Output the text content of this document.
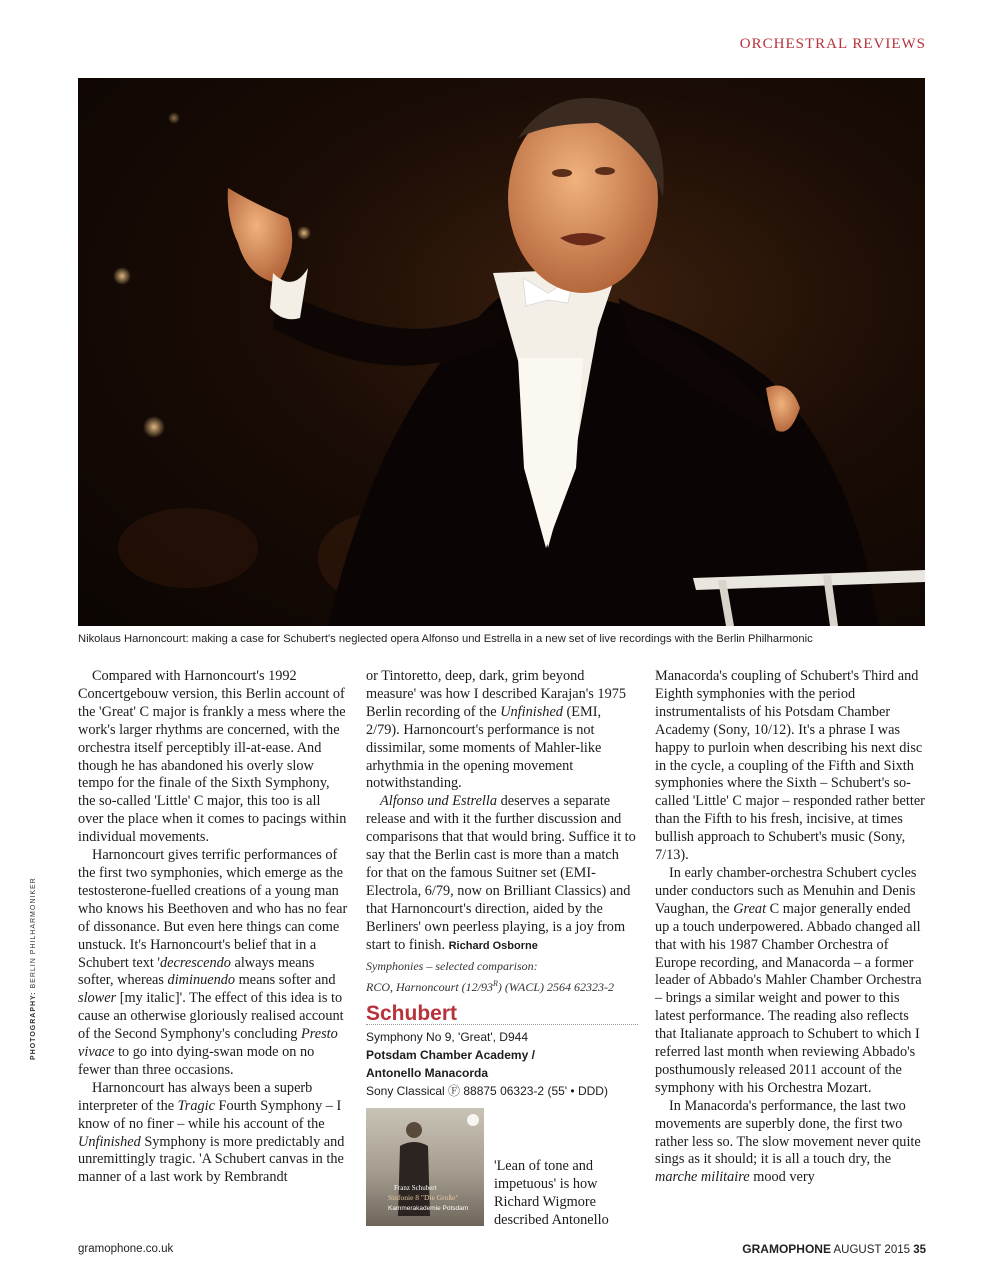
ORCHESTRAL REVIEWS
Nikolaus Harnoncourt: making a case for Schubert's neglected opera Alfonso und Estrella in a new set of live recordings with the Berlin Philharmonic

Compared with Harnoncourt's 1992 Concertgebouw version, this Berlin account of the 'Great' C major is frankly a mess where the work's larger rhythms are concerned, with the orchestra itself perceptibly ill-at-ease. And though he has abandoned his overly slow tempo for the finale of the Sixth Symphony, the so-called 'Little' C major, this too is all over the place when it comes to pacings within individual movements.

Harnoncourt gives terrific performances of the first two symphonies, which emerge as the testosterone-fuelled creations of a young man who knows his Beethoven and who has no fear of dissonance. But even here things can come unstuck. It's Harnoncourt's belief that in a Schubert text 'decrescendo always means softer, whereas diminuendo means softer and slower [my italic]'. The effect of this idea is to cause an otherwise gloriously realised account of the Second Symphony's concluding Presto vivace to go into dying-swan mode on no fewer than three occasions.

Harnoncourt has always been a superb interpreter of the Tragic Fourth Symphony – I know of no finer – while his account of the Unfinished Symphony is more predictably and unremittingly tragic. 'A Schubert canvas in the manner of a last work by Rembrandt

or Tintoretto, deep, dark, grim beyond measure' was how I described Karajan's 1975 Berlin recording of the Unfinished (EMI, 2/79). Harnoncourt's performance is not dissimilar, some moments of Mahler-like arhythmia in the opening movement notwithstanding.

Alfonso und Estrella deserves a separate release and with it the further discussion and comparisons that that would bring. Suffice it to say that the Berlin cast is more than a match for that on the famous Suitner set (EMI-Electrola, 6/79, now on Brilliant Classics) and that Harnoncourt's direction, aided by the Berliners' own peerless playing, is a joy from start to finish. Richard Osborne

Symphonies – selected comparison:
RCO, Harnoncourt $(12/93^R)$ (WACL) 2564 62323-2
Schubert
Symphony No 9, 'Great', D944
Potsdam Chamber Academy /
Antonello Manacorda
Sony Classical Ⓕ 88875 06323-2 (55' • DDD)
Franz Schubert
Sinfonie 8 "Die Große"
Kammerakademie Potsdam
'Lean of tone and impetuous' is how Richard Wigmore described Antonello

Manacorda's coupling of Schubert's Third and Eighth symphonies with the period instrumentalists of his Potsdam Chamber Academy (Sony, 10/12). It's a phrase I was happy to purloin when describing his next disc in the cycle, a coupling of the Fifth and Sixth symphonies where the Sixth – Schubert's so-called 'Little' C major – responded rather better than the Fifth to his fresh, incisive, at times bullish approach to Schubert's music (Sony, 7/13).

In early chamber-orchestra Schubert cycles under conductors such as Menuhin and Denis Vaughan, the Great C major generally ended up a touch underpowered. Abbado changed all that with his 1987 Chamber Orchestra of Europe recording, and Manacorda – a former leader of Abbado's Mahler Chamber Orchestra – brings a similar weight and power to this latest performance. The reading also reflects that Italianate approach to Schubert to which I referred last month when reviewing Abbado's posthumously released 2011 account of the symphony with his Orchestra Mozart.

In Manacorda's performance, the last two movements are superbly done, the first two rather less so. The slow movement never quite sings as it should; it is all a touch dry, the marche militaire mood very

PHOTOGRAPHY: BERLIN PHILHARMONIKER
gramophone.co.uk	GRAMOPHONE AUGUST 2015 35
